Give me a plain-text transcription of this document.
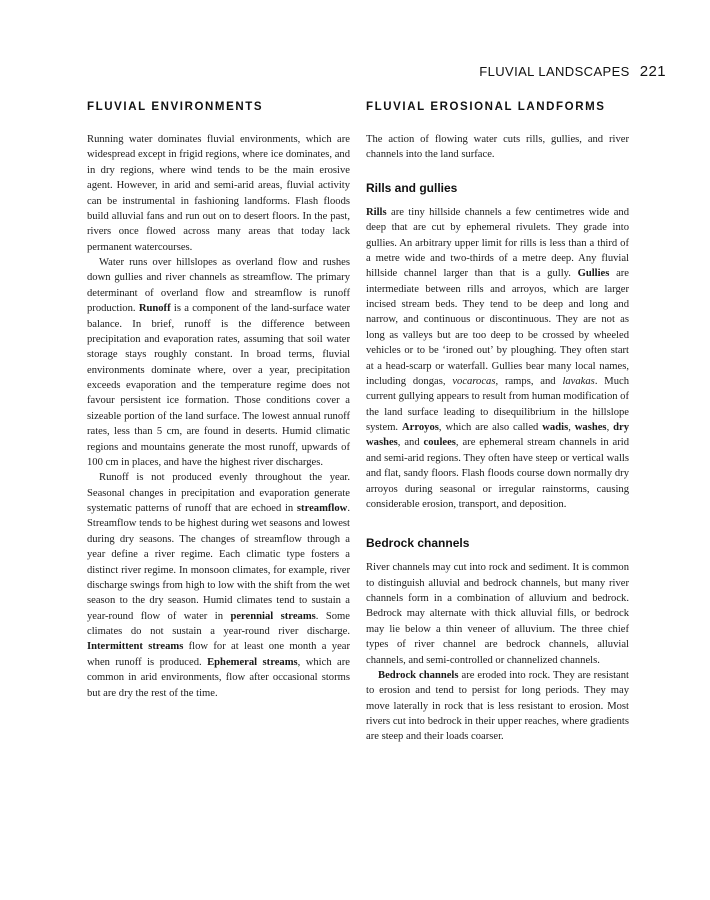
FLUVIAL LANDSCAPES 221
FLUVIAL ENVIRONMENTS

Running water dominates fluvial environments, which are widespread except in frigid regions, where ice dominates, and in dry regions, where wind tends to be the main erosive agent. However, in arid and semi-arid areas, fluvial activity can be instrumental in fashioning landforms. Flash floods build alluvial fans and run out on to desert floors. In the past, rivers once flowed across many areas that today lack permanent watercourses.

Water runs over hillslopes as overland flow and rushes down gullies and river channels as streamflow. The primary determinant of overland flow and streamflow is runoff production. Runoff is a component of the land-surface water balance. In brief, runoff is the difference between precipitation and evaporation rates, assuming that soil water storage stays roughly constant. In broad terms, fluvial environments dominate where, over a year, precipitation exceeds evaporation and the temperature regime does not favour persistent ice formation. Those conditions cover a sizeable portion of the land surface. The lowest annual runoff rates, less than 5 cm, are found in deserts. Humid climatic regions and mountains generate the most runoff, upwards of 100 cm in places, and have the highest river discharges.

Runoff is not produced evenly throughout the year. Seasonal changes in precipitation and evaporation generate systematic patterns of runoff that are echoed in streamflow. Streamflow tends to be highest during wet seasons and lowest during dry seasons. The changes of streamflow through a year define a river regime. Each climatic type fosters a distinct river regime. In monsoon climates, for example, river discharge swings from high to low with the shift from the wet season to the dry season. Humid climates tend to sustain a year-round flow of water in perennial streams. Some climates do not sustain a year-round river discharge. Intermittent streams flow for at least one month a year when runoff is produced. Ephemeral streams, which are common in arid environments, flow after occasional storms but are dry the rest of the time.

FLUVIAL EROSIONAL LANDFORMS

The action of flowing water cuts rills, gullies, and river channels into the land surface.

Rills and gullies

Rills are tiny hillside channels a few centimetres wide and deep that are cut by ephemeral rivulets. They grade into gullies. An arbitrary upper limit for rills is less than a third of a metre wide and two-thirds of a metre deep. Any fluvial hillside channel larger than that is a gully. Gullies are intermediate between rills and arroyos, which are larger incised stream beds. They tend to be deep and long and narrow, and continuous or discontinuous. They are not as long as valleys but are too deep to be crossed by wheeled vehicles or to be ‘ironed out’ by ploughing. They often start at a head-scarp or waterfall. Gullies bear many local names, including dongas, vocarocas, ramps, and lavakas. Much current gullying appears to result from human modification of the land surface leading to disequilibrium in the hillslope system. Arroyos, which are also called wadis, washes, dry washes, and coulees, are ephemeral stream channels in arid and semi-arid regions. They often have steep or vertical walls and flat, sandy floors. Flash floods course down normally dry arroyos during seasonal or irregular rainstorms, causing considerable erosion, transport, and deposition.

Bedrock channels

River channels may cut into rock and sediment. It is common to distinguish alluvial and bedrock channels, but many river channels form in a combination of alluvium and bedrock. Bedrock may alternate with thick alluvial fills, or bedrock may lie below a thin veneer of alluvium. The three chief types of river channel are bedrock channels, alluvial channels, and semi-controlled or channelized channels.

Bedrock channels are eroded into rock. They are resistant to erosion and tend to persist for long periods. They may move laterally in rock that is less resistant to erosion. Most rivers cut into bedrock in their upper reaches, where gradients are steep and their loads coarser.
